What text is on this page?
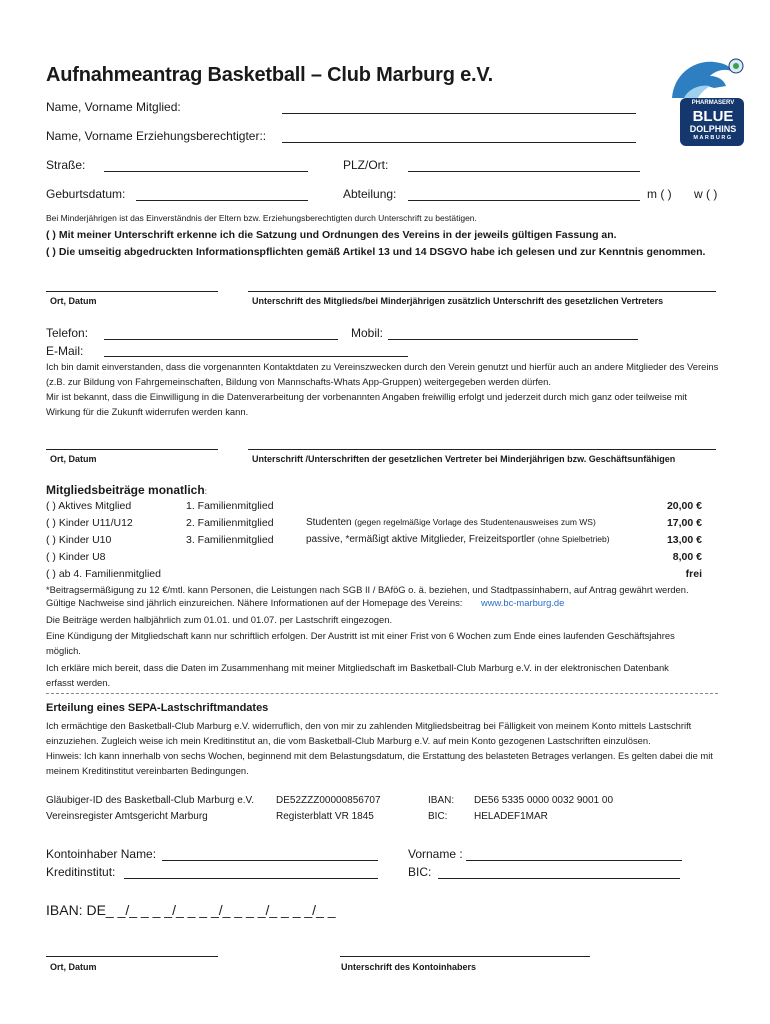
Aufnahmeantrag Basketball – Club Marburg e.V.
PHARMASERV
BLUE
DOLPHINS
MARBURG
Name, Vorname Mitglied:
Name, Vorname Erziehungsberechtigter::
Straße:	PLZ/Ort:
Geburtsdatum:	Abteilung:	m ( ) w ( )
Bei Minderjährigen ist das Einverständnis der Eltern bzw. Erziehungsberechtigten durch Unterschrift zu bestätigen.
( ) Mit meiner Unterschrift erkenne ich die Satzung und Ordnungen des Vereins in der jeweils gültigen Fassung an.
( ) Die umseitig abgedruckten Informationspflichten gemäß Artikel 13 und 14 DSGVO habe ich gelesen und zur Kenntnis genommen.
Ort, Datum	Unterschrift des Mitglieds/bei Minderjährigen zusätzlich Unterschrift des gesetzlichen Vertreters
Telefon:	Mobil:
E-Mail:
Ich bin damit einverstanden, dass die vorgenannten Kontaktdaten zu Vereinszwecken durch den Verein genutzt und hierfür auch an andere Mitglieder des Vereins (z.B. zur Bildung von Fahrgemeinschaften, Bildung von Mannschafts-Whats App-Gruppen) weitergegeben werden dürfen.
Mir ist bekannt, dass die Einwilligung in die Datenverarbeitung der vorbenannten Angaben freiwillig erfolgt und jederzeit durch mich ganz oder teilweise mit Wirkung für die Zukunft widerrufen werden kann.
Ort, Datum	Unterschrift /Unterschriften der gesetzlichen Vertreter bei Minderjährigen bzw. Geschäftsunfähigen
Mitgliedsbeiträge monatlich:
( ) Aktives Mitglied	1. Familienmitglied	20,00 €
( ) Kinder U11/U12	2. Familienmitglied	Studenten (gegen regelmäßige Vorlage des Studentenausweises zum WS)	17,00 €
( ) Kinder U10	3. Familienmitglied	passive, *ermäßigt aktive Mitglieder, Freizeitsportler (ohne Spielbetrieb)	13,00 €
( ) Kinder U8	8,00 €
( ) ab 4. Familienmitglied	frei
*Beitragsermäßigung zu 12 €/mtl. kann Personen, die Leistungen nach SGB II / BAföG o. ä. beziehen, und Stadtpassinhabern, auf Antrag gewährt werden.
Gültige Nachweise sind jährlich einzureichen. Nähere Informationen auf der Homepage des Vereins: www.bc-marburg.de
Die Beiträge werden halbjährlich zum 01.01. und 01.07. per Lastschrift eingezogen.
Eine Kündigung der Mitgliedschaft kann nur schriftlich erfolgen. Der Austritt ist mit einer Frist von 6 Wochen zum Ende eines laufenden Geschäftsjahres möglich.
Ich erkläre mich bereit, dass die Daten im Zusammenhang mit meiner Mitgliedschaft im Basketball-Club Marburg e.V. in der elektronischen Datenbank erfasst werden.
Erteilung eines SEPA-Lastschriftmandates
Ich ermächtige den Basketball-Club Marburg e.V. widerruflich, den von mir zu zahlenden Mitgliedsbeitrag bei Fälligkeit von meinem Konto mittels Lastschrift einzuziehen. Zugleich weise ich mein Kreditinstitut an, die vom Basketball-Club Marburg e.V. auf mein Konto gezogenen Lastschriften einzulösen.
Hinweis: Ich kann innerhalb von sechs Wochen, beginnend mit dem Belastungsdatum, die Erstattung des belasteten Betrages verlangen. Es gelten dabei die mit meinem Kreditinstitut vereinbarten Bedingungen.
Gläubiger-ID des Basketball-Club Marburg e.V. DE52ZZZ00000856707	IBAN: DE56 5335 0000 0032 9001 00
Vereinsregister Amtsgericht Marburg	Registerblatt VR 1845	BIC:	HELADEF1MAR
Kontoinhaber Name:	Vorname :
Kreditinstitut:	BIC:
IBAN: DE_ _/_ _ _ _/_ _ _ _/_ _ _ _/_ _ _ _/_ _
Ort, Datum	Unterschrift des Kontoinhabers
